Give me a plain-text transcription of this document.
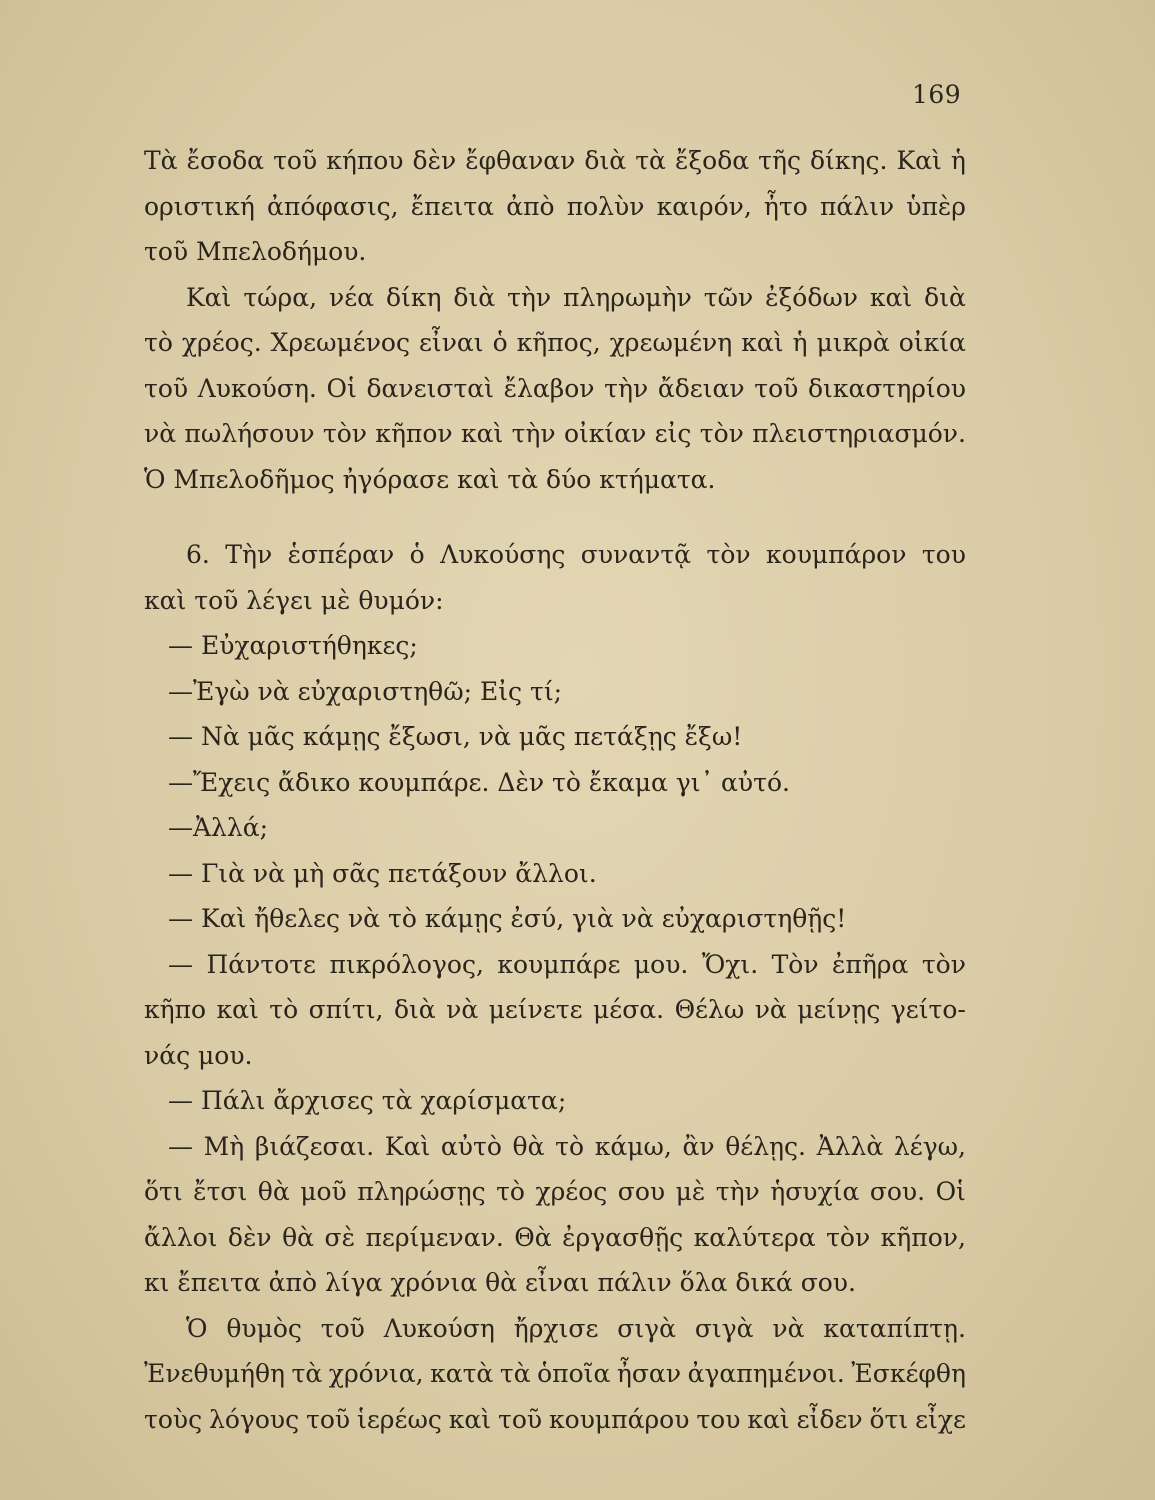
169
Τὰ ἔσοδα τοῦ κήπου δὲν ἔφθαναν διὰ τὰ ἔξοδα τῆς δίκης. Καὶ ἡ
οριστική ἀπόφασις, ἔπειτα ἀπὸ πολὺν καιρόν, ἦτο πάλιν ὑπὲρ
τοῦ Μπελοδήμου.
Καὶ τώρα, νέα δίκη διὰ τὴν πληρωμὴν τῶν ἐξόδων καὶ διὰ
τὸ χρέος. Χρεωμένος εἶναι ὁ κῆπος, χρεωμένη καὶ ἡ μικρὰ οἰκία
τοῦ Λυκούση. Οἱ δανεισταὶ ἔλαβον τὴν ἄδειαν τοῦ δικαστηρίου
νὰ πωλήσουν τὸν κῆπον καὶ τὴν οἰκίαν εἰς τὸν πλειστηριασμόν.
Ὁ Μπελοδῆμος ἠγόρασε καὶ τὰ δύο κτήματα.
6. Τὴν ἑσπέραν ὁ Λυκούσης συναντᾷ τὸν κουμπάρον του
καὶ τοῦ λέγει μὲ θυμόν:
— Εὐχαριστήθηκες;
—Ἐγὼ νὰ εὐχαριστηθῶ; Εἰς τί;
— Νὰ μᾶς κάμῃς ἔξωσι, νὰ μᾶς πετάξῃς ἔξω!
—Ἔχεις ἄδικο κουμπάρε. Δὲν τὸ ἔκαμα γι᾽ αὐτό.
—Ἀλλά;
— Γιὰ νὰ μὴ σᾶς πετάξουν ἄλλοι.
— Καὶ ἤθελες νὰ τὸ κάμῃς ἐσύ, γιὰ νὰ εὐχαριστηθῇς!
— Πάντοτε πικρόλογος, κουμπάρε μου. Ὄχι. Τὸν ἐπῆρα τὸν
κῆπο καὶ τὸ σπίτι, διὰ νὰ μείνετε μέσα. Θέλω νὰ μείνῃς γείτο-
νάς μου.
— Πάλι ἄρχισες τὰ χαρίσματα;
— Μὴ βιάζεσαι. Καὶ αὐτὸ θὰ τὸ κάμω, ἂν θέλῃς. Ἀλλὰ λέγω,
ὅτι ἔτσι θὰ μοῦ πληρώσῃς τὸ χρέος σου μὲ τὴν ἡσυχία σου. Οἱ
ἄλλοι δὲν θὰ σὲ περίμεναν. Θὰ ἐργασθῇς καλύτερα τὸν κῆπον,
κι ἔπειτα ἀπὸ λίγα χρόνια θὰ εἶναι πάλιν ὅλα δικά σου.
Ὁ θυμὸς τοῦ Λυκούση ἤρχισε σιγὰ σιγὰ νὰ καταπίπτῃ.
Ἐνεθυμήθη τὰ χρόνια, κατὰ τὰ ὁποῖα ἦσαν ἀγαπημένοι. Ἐσκέφθη
τοὺς λόγους τοῦ ἱερέως καὶ τοῦ κουμπάρου του καὶ εἶδεν ὅτι εἶχε
